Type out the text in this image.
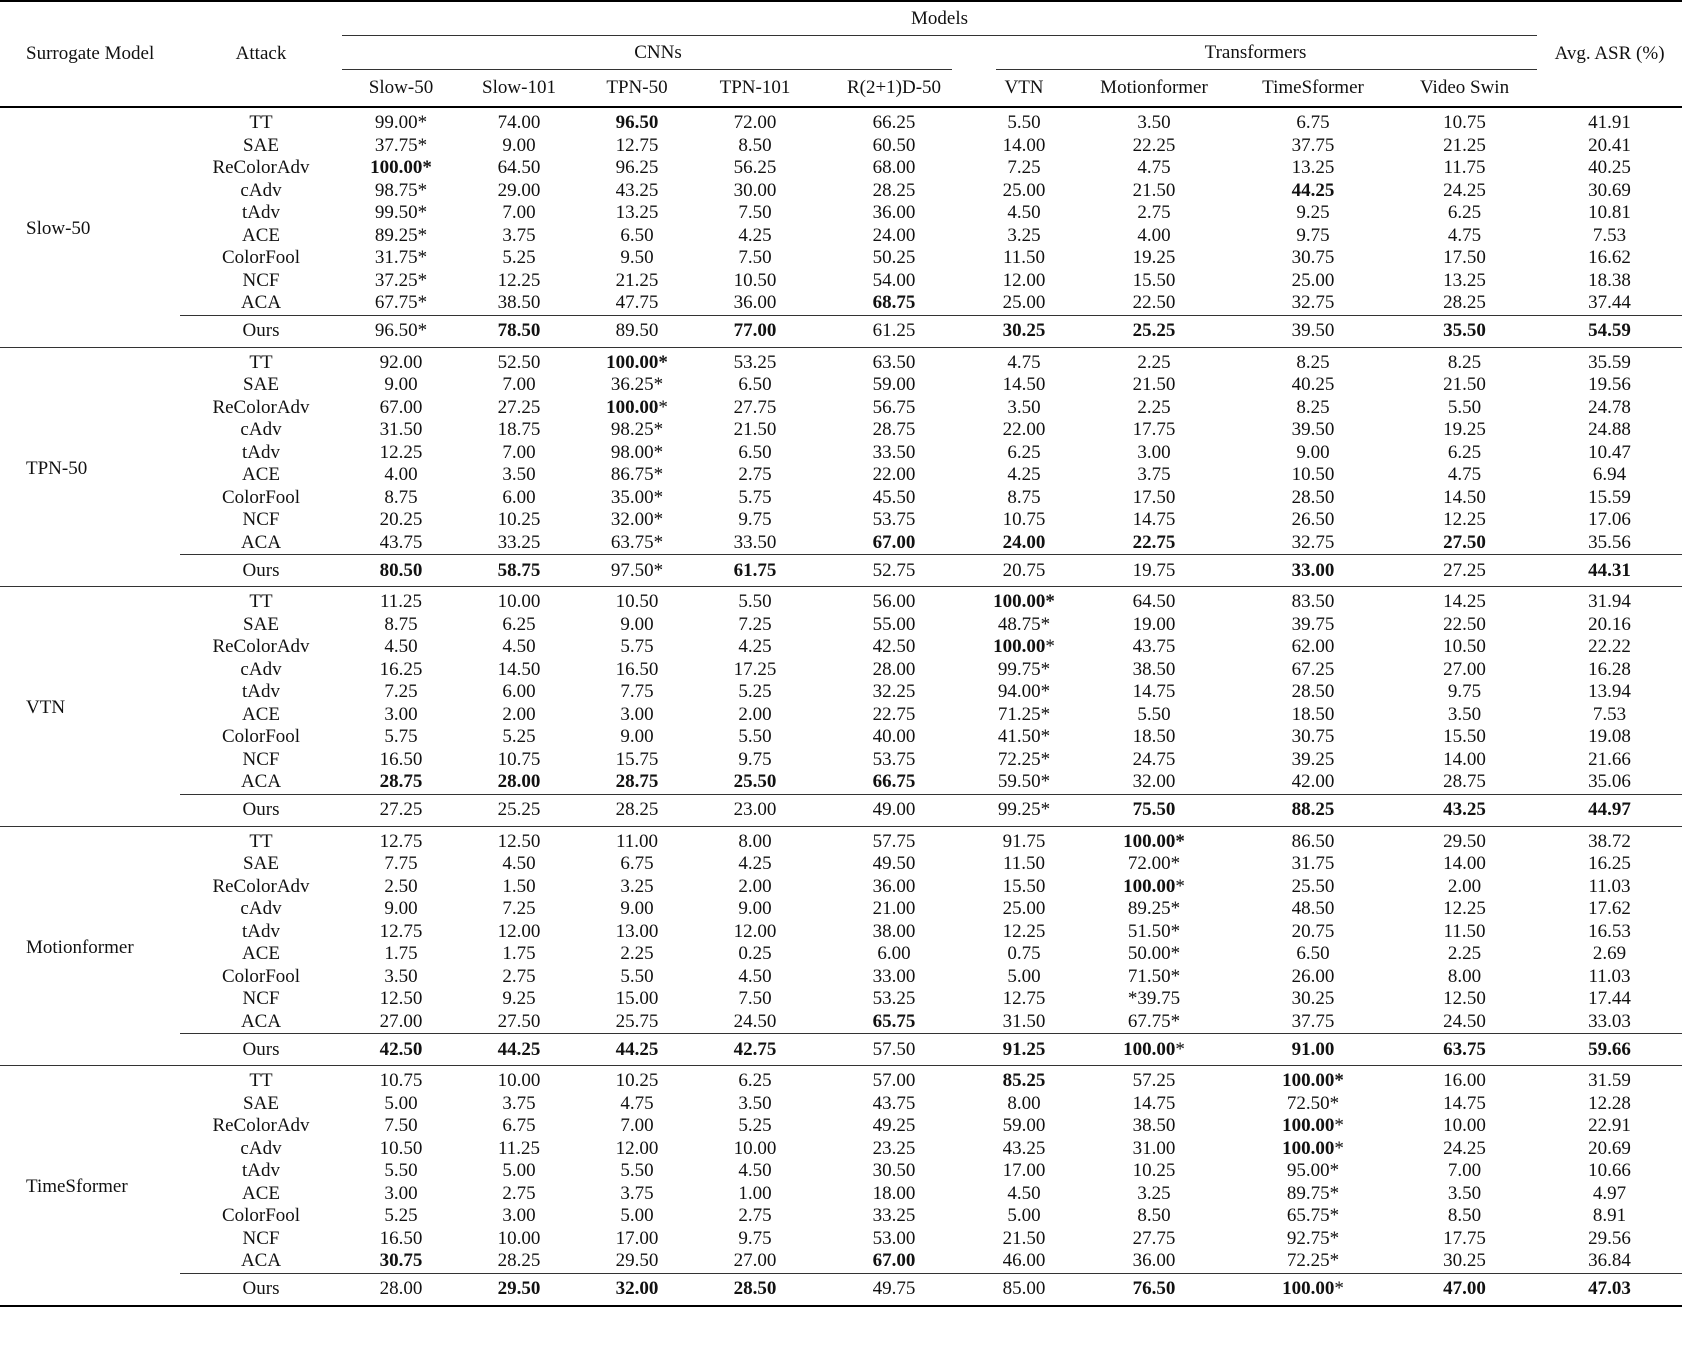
Surrogate Model	Attack	Models									Avg. ASR (%)
		CNNs					Transformers				
		Slow-50	Slow-101	TPN-50	TPN-101	R(2+1)D-50	VTN	Motionformer	TimeSformer	Video Swin	
Slow-50	TT	99.00*	74.00	96.50	72.00	66.25	5.50	3.50	6.75	10.75	41.91
	SAE	37.75*	9.00	12.75	8.50	60.50	14.00	22.25	37.75	21.25	20.41
	ReColorAdv	100.00*	64.50	96.25	56.25	68.00	7.25	4.75	13.25	11.75	40.25
	cAdv	98.75*	29.00	43.25	30.00	28.25	25.00	21.50	44.25	24.25	30.69
	tAdv	99.50*	7.00	13.25	7.50	36.00	4.50	2.75	9.25	6.25	10.81
	ACE	89.25*	3.75	6.50	4.25	24.00	3.25	4.00	9.75	4.75	7.53
	ColorFool	31.75*	5.25	9.50	7.50	50.25	11.50	19.25	30.75	17.50	16.62
	NCF	37.25*	12.25	21.25	10.50	54.00	12.00	15.50	25.00	13.25	18.38
	ACA	67.75*	38.50	47.75	36.00	68.75	25.00	22.50	32.75	28.25	37.44
	Ours	96.50*	78.50	89.50	77.00	61.25	30.25	25.25	39.50	35.50	54.59
TPN-50	TT	92.00	52.50	100.00*	53.25	63.50	4.75	2.25	8.25	8.25	35.59
	SAE	9.00	7.00	36.25*	6.50	59.00	14.50	21.50	40.25	21.50	19.56
	ReColorAdv	67.00	27.25	100.00*	27.75	56.75	3.50	2.25	8.25	5.50	24.78
	cAdv	31.50	18.75	98.25*	21.50	28.75	22.00	17.75	39.50	19.25	24.88
	tAdv	12.25	7.00	98.00*	6.50	33.50	6.25	3.00	9.00	6.25	10.47
	ACE	4.00	3.50	86.75*	2.75	22.00	4.25	3.75	10.50	4.75	6.94
	ColorFool	8.75	6.00	35.00*	5.75	45.50	8.75	17.50	28.50	14.50	15.59
	NCF	20.25	10.25	32.00*	9.75	53.75	10.75	14.75	26.50	12.25	17.06
	ACA	43.75	33.25	63.75*	33.50	67.00	24.00	22.75	32.75	27.50	35.56
	Ours	80.50	58.75	97.50*	61.75	52.75	20.75	19.75	33.00	27.25	44.31
VTN	TT	11.25	10.00	10.50	5.50	56.00	100.00*	64.50	83.50	14.25	31.94
	SAE	8.75	6.25	9.00	7.25	55.00	48.75*	19.00	39.75	22.50	20.16
	ReColorAdv	4.50	4.50	5.75	4.25	42.50	100.00*	43.75	62.00	10.50	22.22
	cAdv	16.25	14.50	16.50	17.25	28.00	99.75*	38.50	67.25	27.00	16.28
	tAdv	7.25	6.00	7.75	5.25	32.25	94.00*	14.75	28.50	9.75	13.94
	ACE	3.00	2.00	3.00	2.00	22.75	71.25*	5.50	18.50	3.50	7.53
	ColorFool	5.75	5.25	9.00	5.50	40.00	41.50*	18.50	30.75	15.50	19.08
	NCF	16.50	10.75	15.75	9.75	53.75	72.25*	24.75	39.25	14.00	21.66
	ACA	28.75	28.00	28.75	25.50	66.75	59.50*	32.00	42.00	28.75	35.06
	Ours	27.25	25.25	28.25	23.00	49.00	99.25*	75.50	88.25	43.25	44.97
Motionformer	TT	12.75	12.50	11.00	8.00	57.75	91.75	100.00*	86.50	29.50	38.72
	SAE	7.75	4.50	6.75	4.25	49.50	11.50	72.00*	31.75	14.00	16.25
	ReColorAdv	2.50	1.50	3.25	2.00	36.00	15.50	100.00*	25.50	2.00	11.03
	cAdv	9.00	7.25	9.00	9.00	21.00	25.00	89.25*	48.50	12.25	17.62
	tAdv	12.75	12.00	13.00	12.00	38.00	12.25	51.50*	20.75	11.50	16.53
	ACE	1.75	1.75	2.25	0.25	6.00	0.75	50.00*	6.50	2.25	2.69
	ColorFool	3.50	2.75	5.50	4.50	33.00	5.00	71.50*	26.00	8.00	11.03
	NCF	12.50	9.25	15.00	7.50	53.25	12.75	*39.75	30.25	12.50	17.44
	ACA	27.00	27.50	25.75	24.50	65.75	31.50	67.75*	37.75	24.50	33.03
	Ours	42.50	44.25	44.25	42.75	57.50	91.25	100.00*	91.00	63.75	59.66
TimeSformer	TT	10.75	10.00	10.25	6.25	57.00	85.25	57.25	100.00*	16.00	31.59
	SAE	5.00	3.75	4.75	3.50	43.75	8.00	14.75	72.50*	14.75	12.28
	ReColorAdv	7.50	6.75	7.00	5.25	49.25	59.00	38.50	100.00*	10.00	22.91
	cAdv	10.50	11.25	12.00	10.00	23.25	43.25	31.00	100.00*	24.25	20.69
	tAdv	5.50	5.00	5.50	4.50	30.50	17.00	10.25	95.00*	7.00	10.66
	ACE	3.00	2.75	3.75	1.00	18.00	4.50	3.25	89.75*	3.50	4.97
	ColorFool	5.25	3.00	5.00	2.75	33.25	5.00	8.50	65.75*	8.50	8.91
	NCF	16.50	10.00	17.00	9.75	53.00	21.50	27.75	92.75*	17.75	29.56
	ACA	30.75	28.25	29.50	27.00	67.00	46.00	36.00	72.25*	30.25	36.84
	Ours	28.00	29.50	32.00	28.50	49.75	85.00	76.50	100.00*	47.00	47.03
